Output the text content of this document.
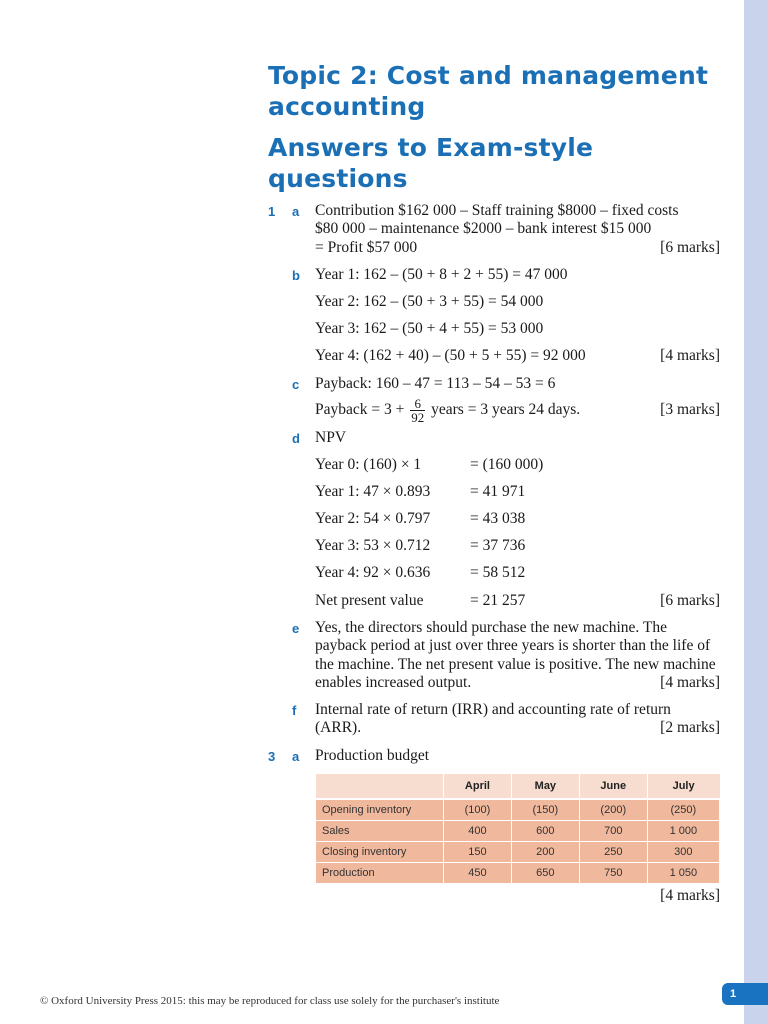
1
Topic 2: Cost and management
accounting
Answers to Exam-style
questions
1 a	Contribution $162 000 – Staff training $8000 – fixed costs
$80 000 – maintenance $2000 – bank interest $15 000
= Profit $57 000	[6 marks]
b Year 1: 162 – (50 + 8 + 2 + 55) = 47 000
Year 2: 162 – (50 + 3 + 55) = 54 000
Year 3: 162 – (50 + 4 + 55) = 53 000
Year 4: (162 + 40) – (50 + 5 + 55) = 92 000	[4 marks]
c	Payback: 160 – 47 = 113 – 54 – 53 = 6
Payback = $3 + \frac{6}{92}$ years = 3 years 24 days.	[3 marks]
d NPV
Year 0: (160) × 1	= (160 000)
Year 1: 47 × 0.893	= 41 971
Year 2: 54 × 0.797	= 43 038
Year 3: 53 × 0.712	= 37 736
Year 4: 92 × 0.636	= 58 512
Net present value	= 21 257	[6 marks]
e	Yes, the directors should purchase the new machine. The
payback period at just over three years is shorter than the life of
the machine. The net present value is positive. The new machine
enables increased output.	[4 marks]
f	Internal rate of return (IRR) and accounting rate of return
(ARR).	[2 marks]
3 a	Production budget
	April	May	June	July
Opening inventory	(100)	(150)	(200)	(250)
Sales	400	600	700	1 000
Closing inventory	150	200	250	300
Production	450	650	750	1 050
[4 marks]
© Oxford University Press 2015: this may be reproduced for class use solely for the purchaser's institute
